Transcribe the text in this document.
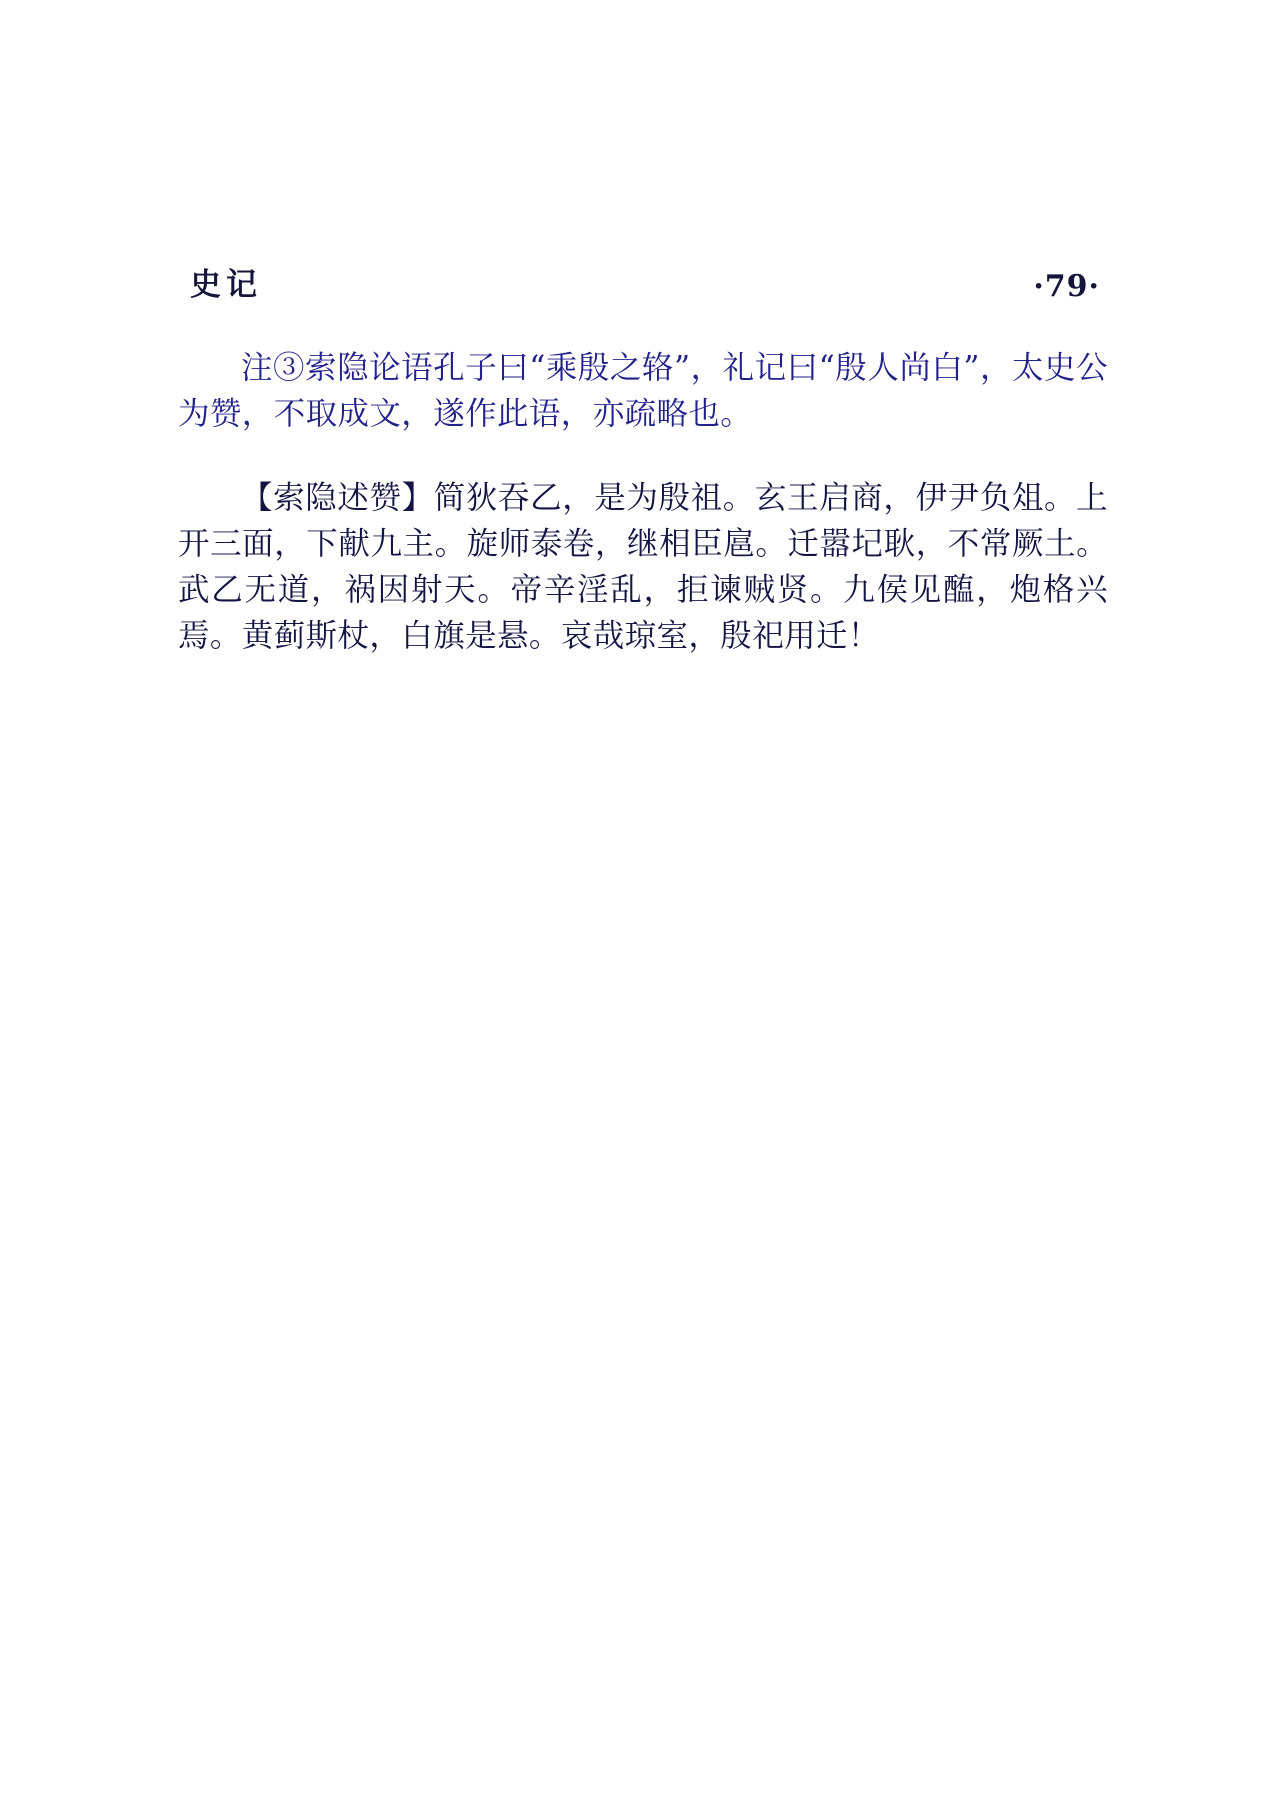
史记	·79·

注③索隐论语孔子曰“乘殷之辂”，礼记曰“殷人尚白”，太史公为赞，不取成文，遂作此语，亦疏略也。

【索隐述赞】简狄吞乙，是为殷祖。玄王启商，伊尹负俎。上开三面，下献九主。旋师泰卷，继相臣扈。迁嚣圮耿，不常厥土。武乙无道，祸因射天。帝辛淫乱，拒谏贼贤。九侯见醢，炮格兴焉。黄蓟斯杖，白旗是悬。哀哉琼室，殷祀用迁！
